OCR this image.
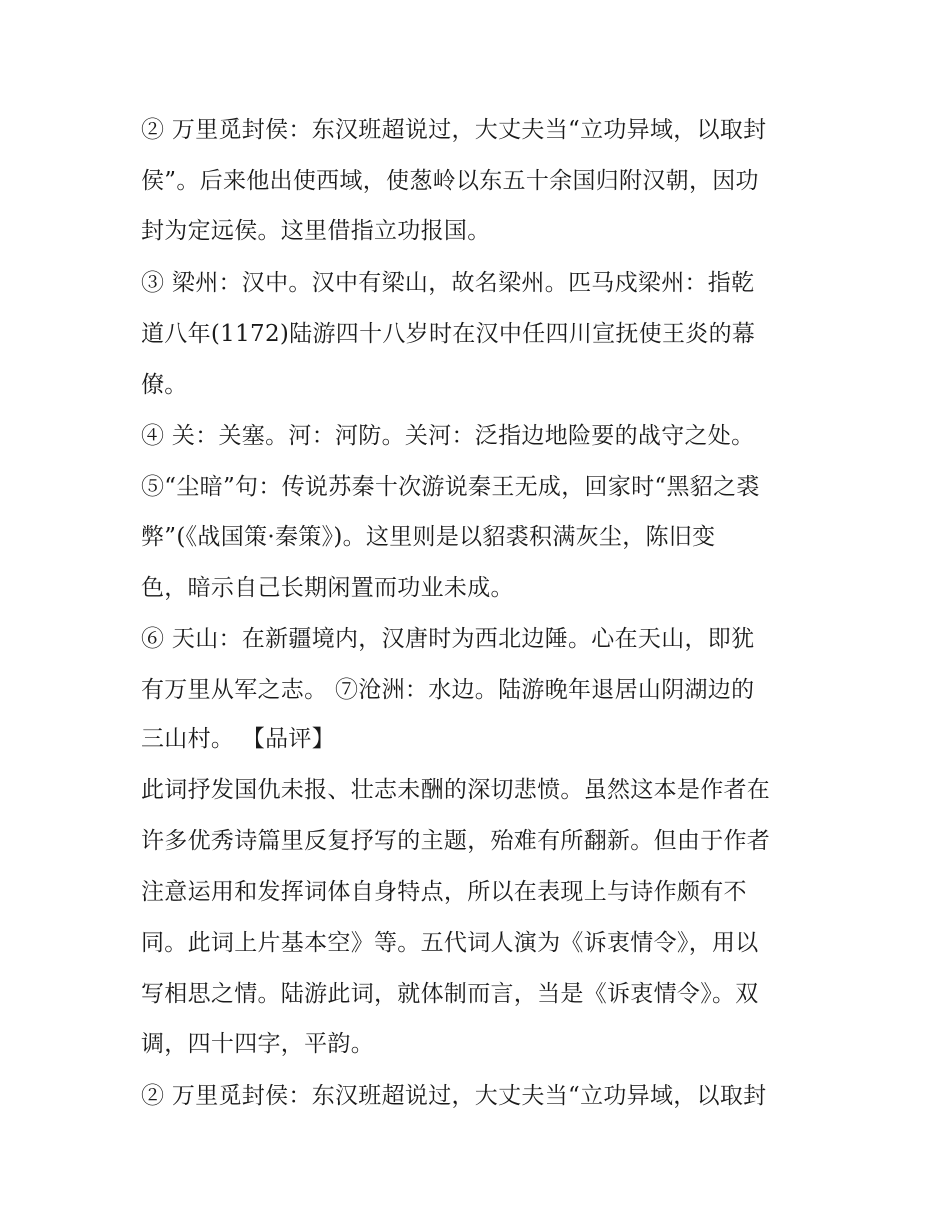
② 万里觅封侯：东汉班超说过，大丈夫当“立功异域，以取封
侯”。后来他出使西域，使葱岭以东五十余国归附汉朝，因功
封为定远侯。这里借指立功报国。
③ 梁州：汉中。汉中有梁山，故名梁州。匹马戍梁州：指乾
道八年(1172)陆游四十八岁时在汉中任四川宣抚使王炎的幕
僚。
④ 关：关塞。河：河防。关河：泛指边地险要的战守之处。
⑤“尘暗”句：传说苏秦十次游说秦王无成，回家时“黑貂之裘
弊”(《战国策·秦策》)。这里则是以貂裘积满灰尘，陈旧变
色，暗示自己长期闲置而功业未成。
⑥ 天山：在新疆境内，汉唐时为西北边陲。心在天山，即犹
有万里从军之志。 ⑦沧洲：水边。陆游晚年退居山阴湖边的
三山村。 【品评】
此词抒发国仇未报、壮志未酬的深切悲愤。虽然这本是作者在
许多优秀诗篇里反复抒写的主题，殆难有所翻新。但由于作者
注意运用和发挥词体自身特点，所以在表现上与诗作颇有不
同。此词上片基本空》等。五代词人演为《诉衷情令》，用以
写相思之情。陆游此词，就体制而言，当是《诉衷情令》。双
调，四十四字，平韵。
② 万里觅封侯：东汉班超说过，大丈夫当“立功异域，以取封
